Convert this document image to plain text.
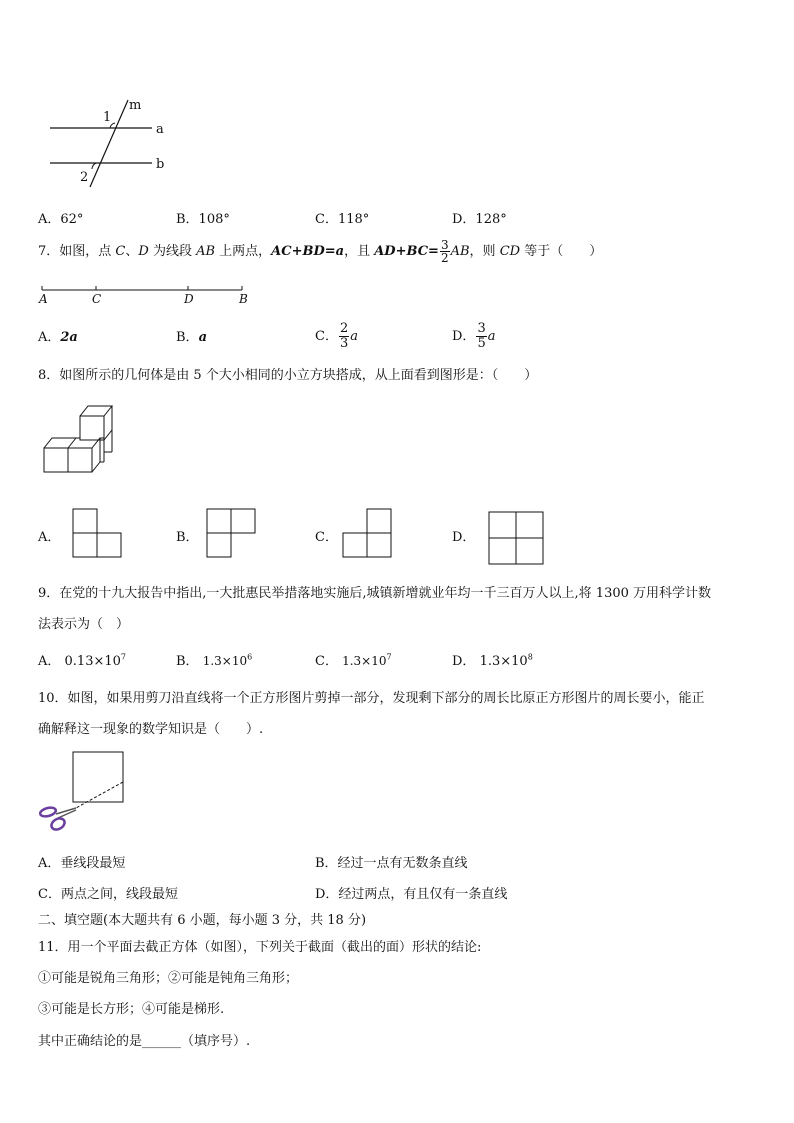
1
2
m
a
b
A．62°	B．108°	C．118°	D．128°
7．如图，点 C、D 为线段 AB 上两点，AC+BD=a，且 $AD+BC= \frac{3}{2}$ AB，则 CD 等于（　　）
A	C	D	B
A．2a	B．a	C． $\frac{2}{3}$ a	D． $\frac{3}{5}$ a
8．如图所示的几何体是由 5 个大小相同的小立方块搭成，从上面看到图形是：（　　）
A．	B．	C．	D．
9．在党的十九大报告中指出,一大批惠民举措落地实施后,城镇新增就业年均一千三百万人以上,将 1300 万用科学计数
法表示为（　）
A． $0.13\times 10^7$	B． $1.3\times 10^6$	C． $1.3\times 10^7$	D． $1.3\times 10^8$
10．如图，如果用剪刀沿直线将一个正方形图片剪掉一部分，发现剩下部分的周长比原正方形图片的周长要小，能正
确解释这一现象的数学知识是（　　）.
A．垂线段最短	B．经过一点有无数条直线
C．两点之间，线段最短	D．经过两点，有且仅有一条直线
二、填空题(本大题共有 6 小题，每小题 3 分，共 18 分)
11．用一个平面去截正方体（如图），下列关于截面（截出的面）形状的结论:
①可能是锐角三角形；②可能是钝角三角形；
③可能是长方形；④可能是梯形.
其中正确结论的是______（填序号）.
